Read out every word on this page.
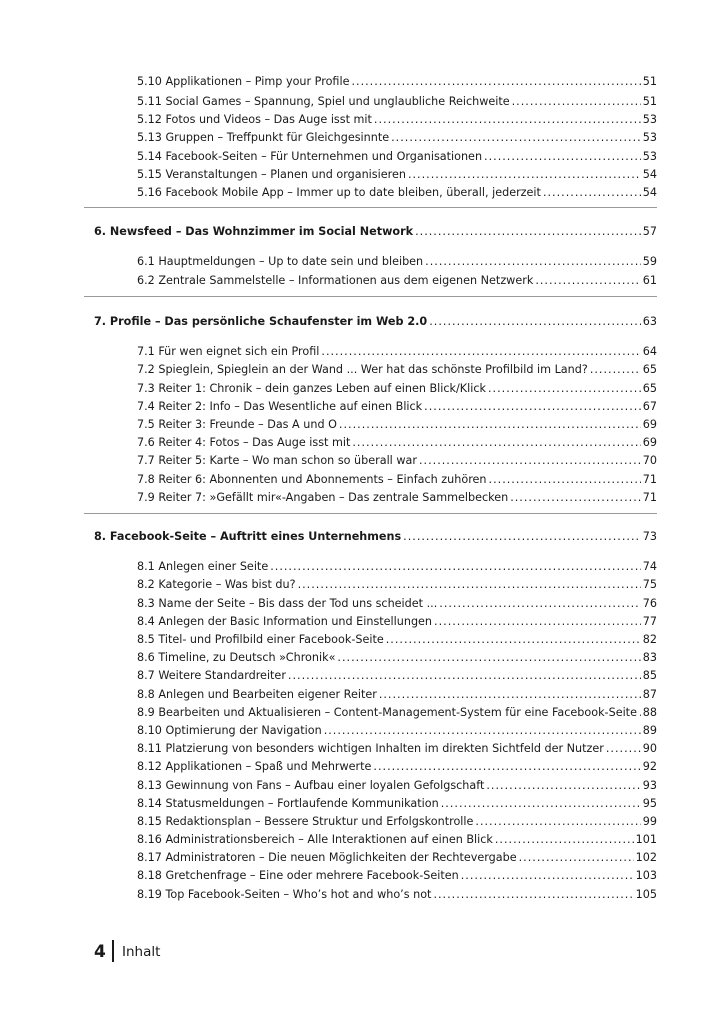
5.10 Applikationen – Pimp your Profile .....	51
5.11 Social Games – Spannung, Spiel und unglaubliche Reichweite .....	51
5.12 Fotos und Videos – Das Auge isst mit .....	53
5.13 Gruppen – Treffpunkt für Gleichgesinnte .....	53
5.14 Facebook-Seiten – Für Unternehmen und Organisationen .....	53
5.15 Veranstaltungen – Planen und organisieren .....	54
5.16 Facebook Mobile App – Immer up to date bleiben, überall, jederzeit .....	54
6. Newsfeed – Das Wohnzimmer im Social Network .....	57
6.1 Hauptmeldungen – Up to date sein und bleiben .....	59
6.2 Zentrale Sammelstelle – Informationen aus dem eigenen Netzwerk .....	61
7. Profile – Das persönliche Schaufenster im Web 2.0 .....	63
7.1 Für wen eignet sich ein Profil .....	64
7.2 Spieglein, Spieglein an der Wand ... Wer hat das schönste Profilbild im Land? .....	65
7.3 Reiter 1: Chronik – dein ganzes Leben auf einen Blick/Klick .....	65
7.4 Reiter 2: Info – Das Wesentliche auf einen Blick .....	67
7.5 Reiter 3: Freunde – Das A und O .....	69
7.6 Reiter 4: Fotos – Das Auge isst mit .....	69
7.7 Reiter 5: Karte – Wo man schon so überall war .....	70
7.8 Reiter 6: Abonnenten und Abonnements – Einfach zuhören .....	71
7.9 Reiter 7: »Gefällt mir«-Angaben – Das zentrale Sammelbecken .....	71
8. Facebook-Seite – Auftritt eines Unternehmens .....	73
8.1 Anlegen einer Seite .....	74
8.2 Kategorie – Was bist du? .....	75
8.3 Name der Seite – Bis dass der Tod uns scheidet ... .....	76
8.4 Anlegen der Basic Information und Einstellungen .....	77
8.5 Titel- und Profilbild einer Facebook-Seite .....	82
8.6 Timeline, zu Deutsch »Chronik« .....	83
8.7 Weitere Standardreiter .....	85
8.8 Anlegen und Bearbeiten eigener Reiter .....	87
8.9 Bearbeiten und Aktualisieren – Content-Management-System für eine Facebook-Seite ..... 88
8.10 Optimierung der Navigation .....	89
8.11 Platzierung von besonders wichtigen Inhalten im direkten Sichtfeld der Nutzer .....	90
8.12 Applikationen – Spaß und Mehrwerte .....	92
8.13 Gewinnung von Fans – Aufbau einer loyalen Gefolgschaft .....	93
8.14 Statusmeldungen – Fortlaufende Kommunikation .....	95
8.15 Redaktionsplan – Bessere Struktur und Erfolgskontrolle .....	99
8.16 Administrationsbereich – Alle Interaktionen auf einen Blick .....	101
8.17 Administratoren – Die neuen Möglichkeiten der Rechtevergabe .....	102
8.18 Gretchenfrage – Eine oder mehrere Facebook-Seiten .....	103
8.19 Top Facebook-Seiten – Who’s hot and who’s not .....	105
4 Inhalt
